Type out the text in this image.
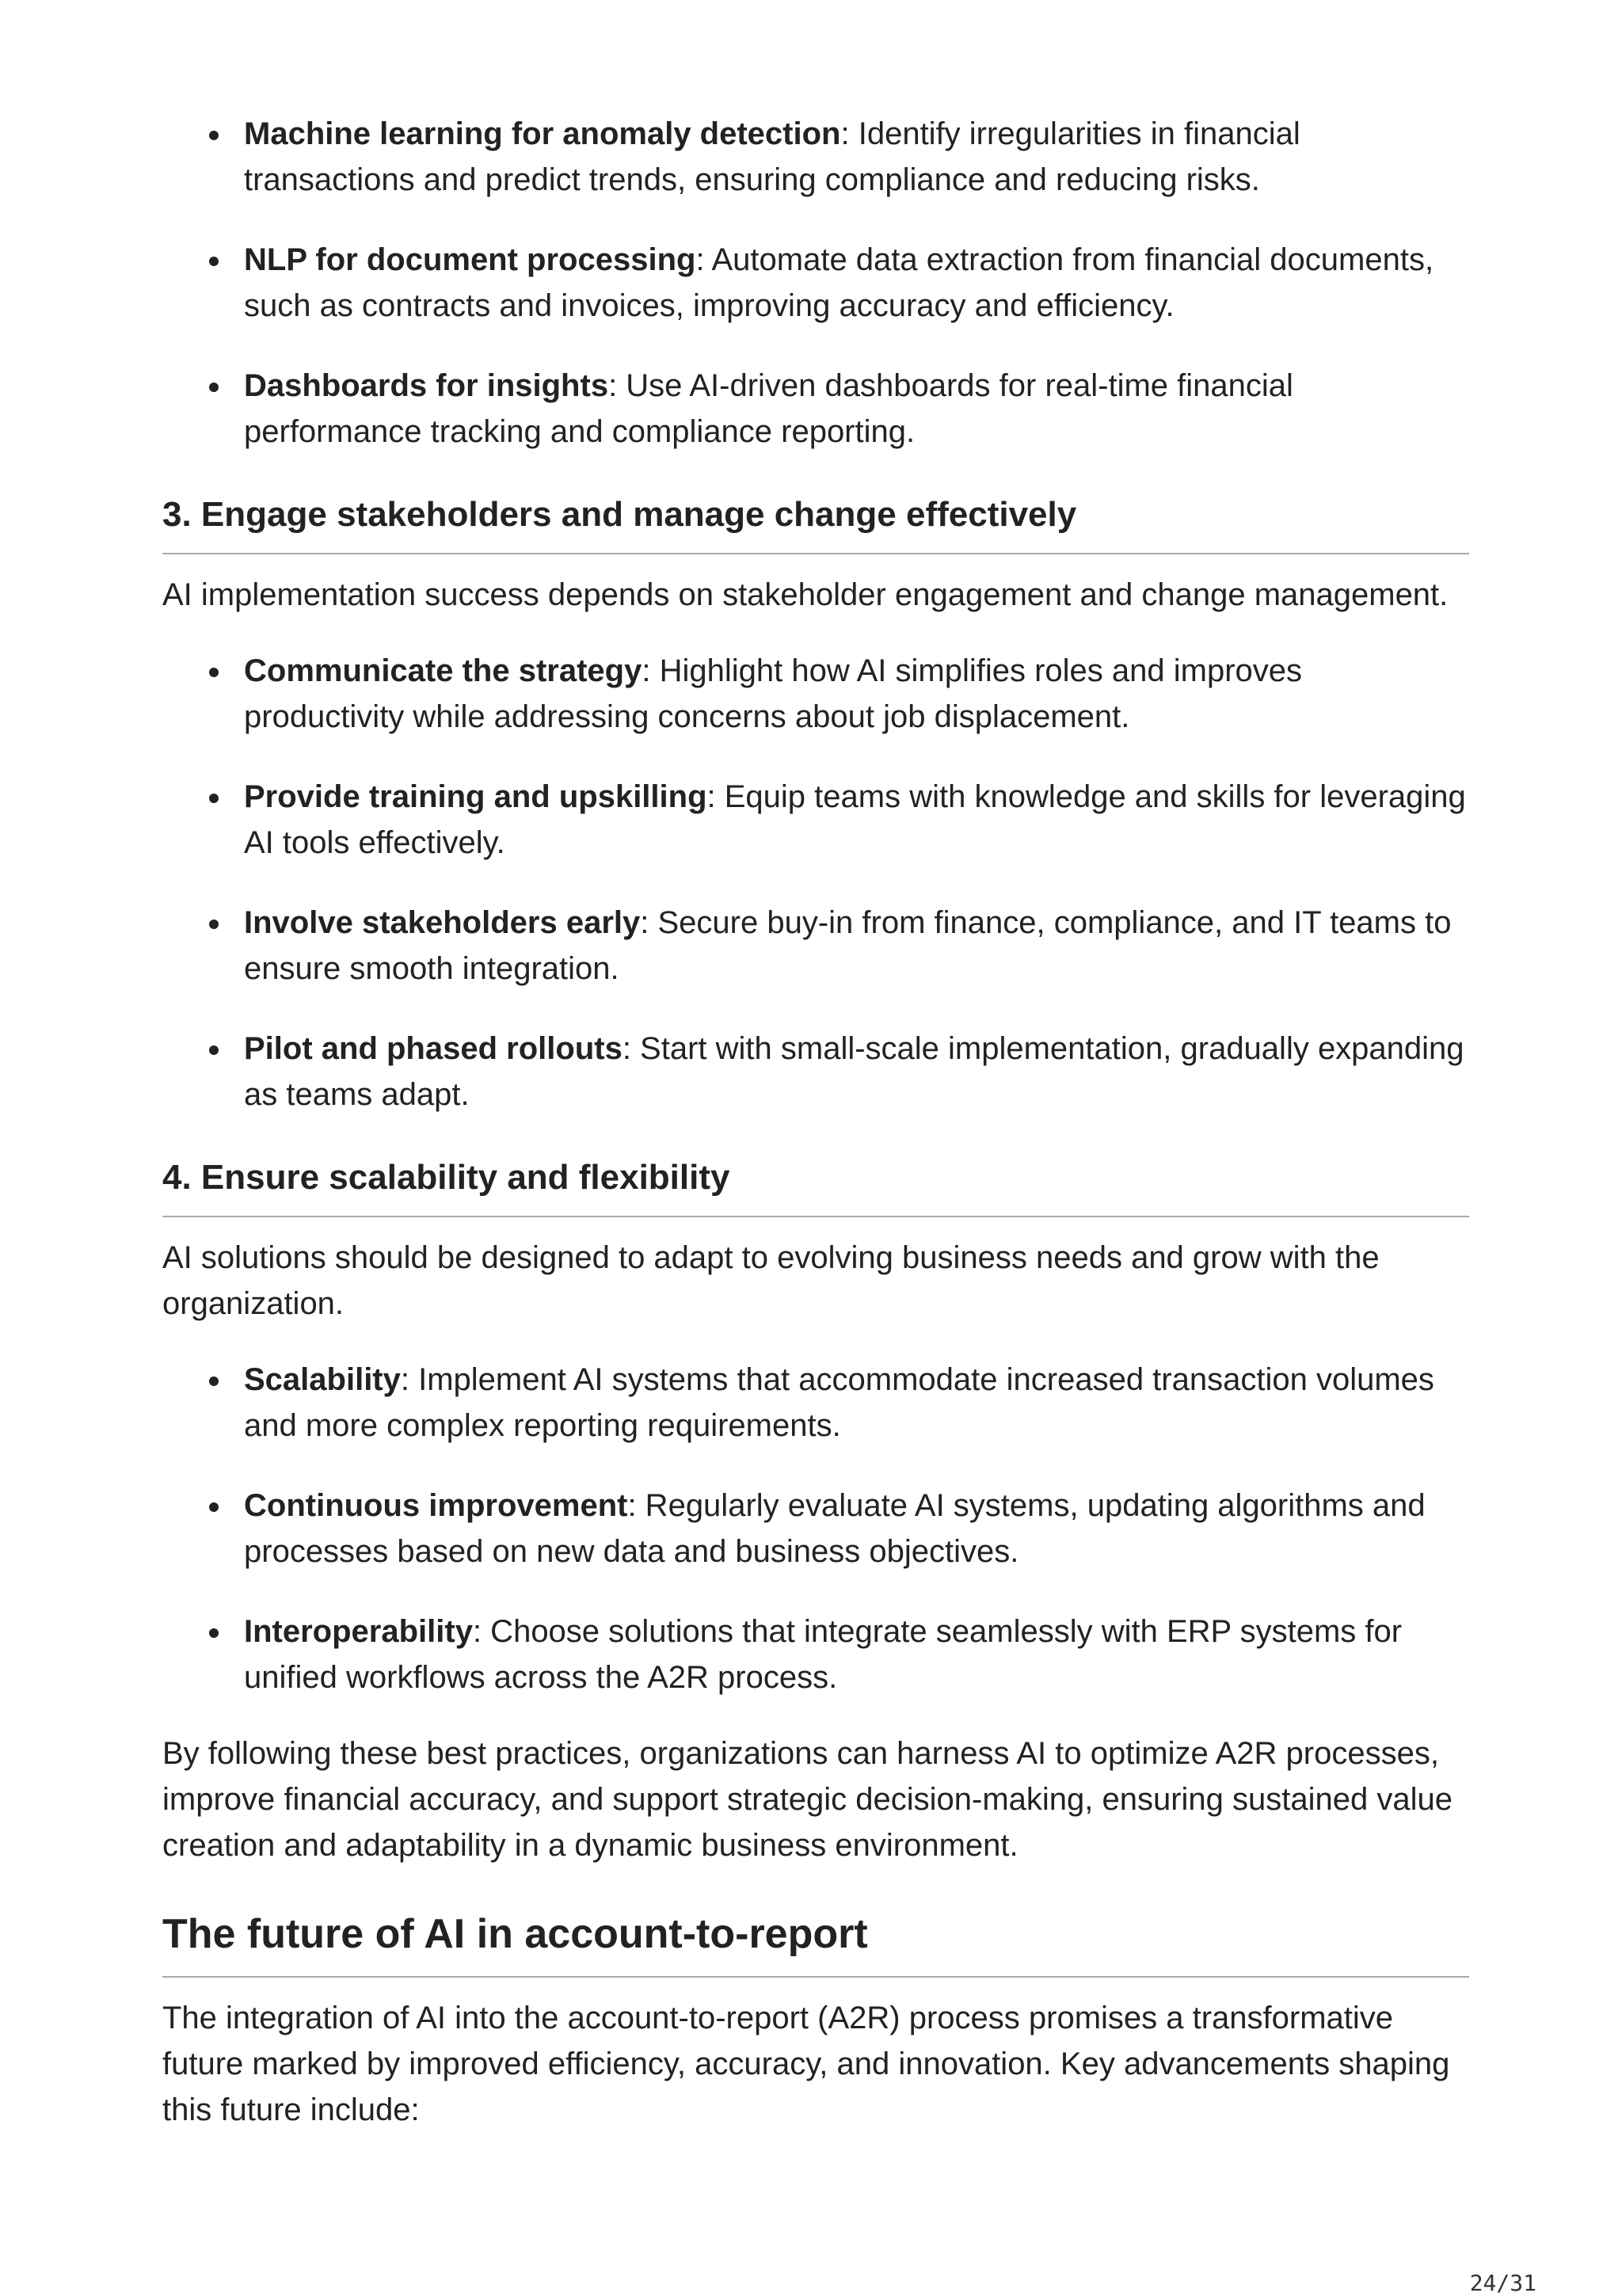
Machine learning for anomaly detection: Identify irregularities in financial transactions and predict trends, ensuring compliance and reducing risks.
NLP for document processing: Automate data extraction from financial documents, such as contracts and invoices, improving accuracy and efficiency.
Dashboards for insights: Use AI-driven dashboards for real-time financial performance tracking and compliance reporting.
3. Engage stakeholders and manage change effectively

AI implementation success depends on stakeholder engagement and change management.

Communicate the strategy: Highlight how AI simplifies roles and improves productivity while addressing concerns about job displacement.
Provide training and upskilling: Equip teams with knowledge and skills for leveraging AI tools effectively.
Involve stakeholders early: Secure buy-in from finance, compliance, and IT teams to ensure smooth integration.
Pilot and phased rollouts: Start with small-scale implementation, gradually expanding as teams adapt.
4. Ensure scalability and flexibility

AI solutions should be designed to adapt to evolving business needs and grow with the organization.

Scalability: Implement AI systems that accommodate increased transaction volumes and more complex reporting requirements.
Continuous improvement: Regularly evaluate AI systems, updating algorithms and processes based on new data and business objectives.
Interoperability: Choose solutions that integrate seamlessly with ERP systems for unified workflows across the A2R process.

By following these best practices, organizations can harness AI to optimize A2R processes, improve financial accuracy, and support strategic decision-making, ensuring sustained value creation and adaptability in a dynamic business environment.

The future of AI in account-to-report

The integration of AI into the account-to-report (A2R) process promises a transformative future marked by improved efficiency, accuracy, and innovation. Key advancements shaping this future include:

24/31
